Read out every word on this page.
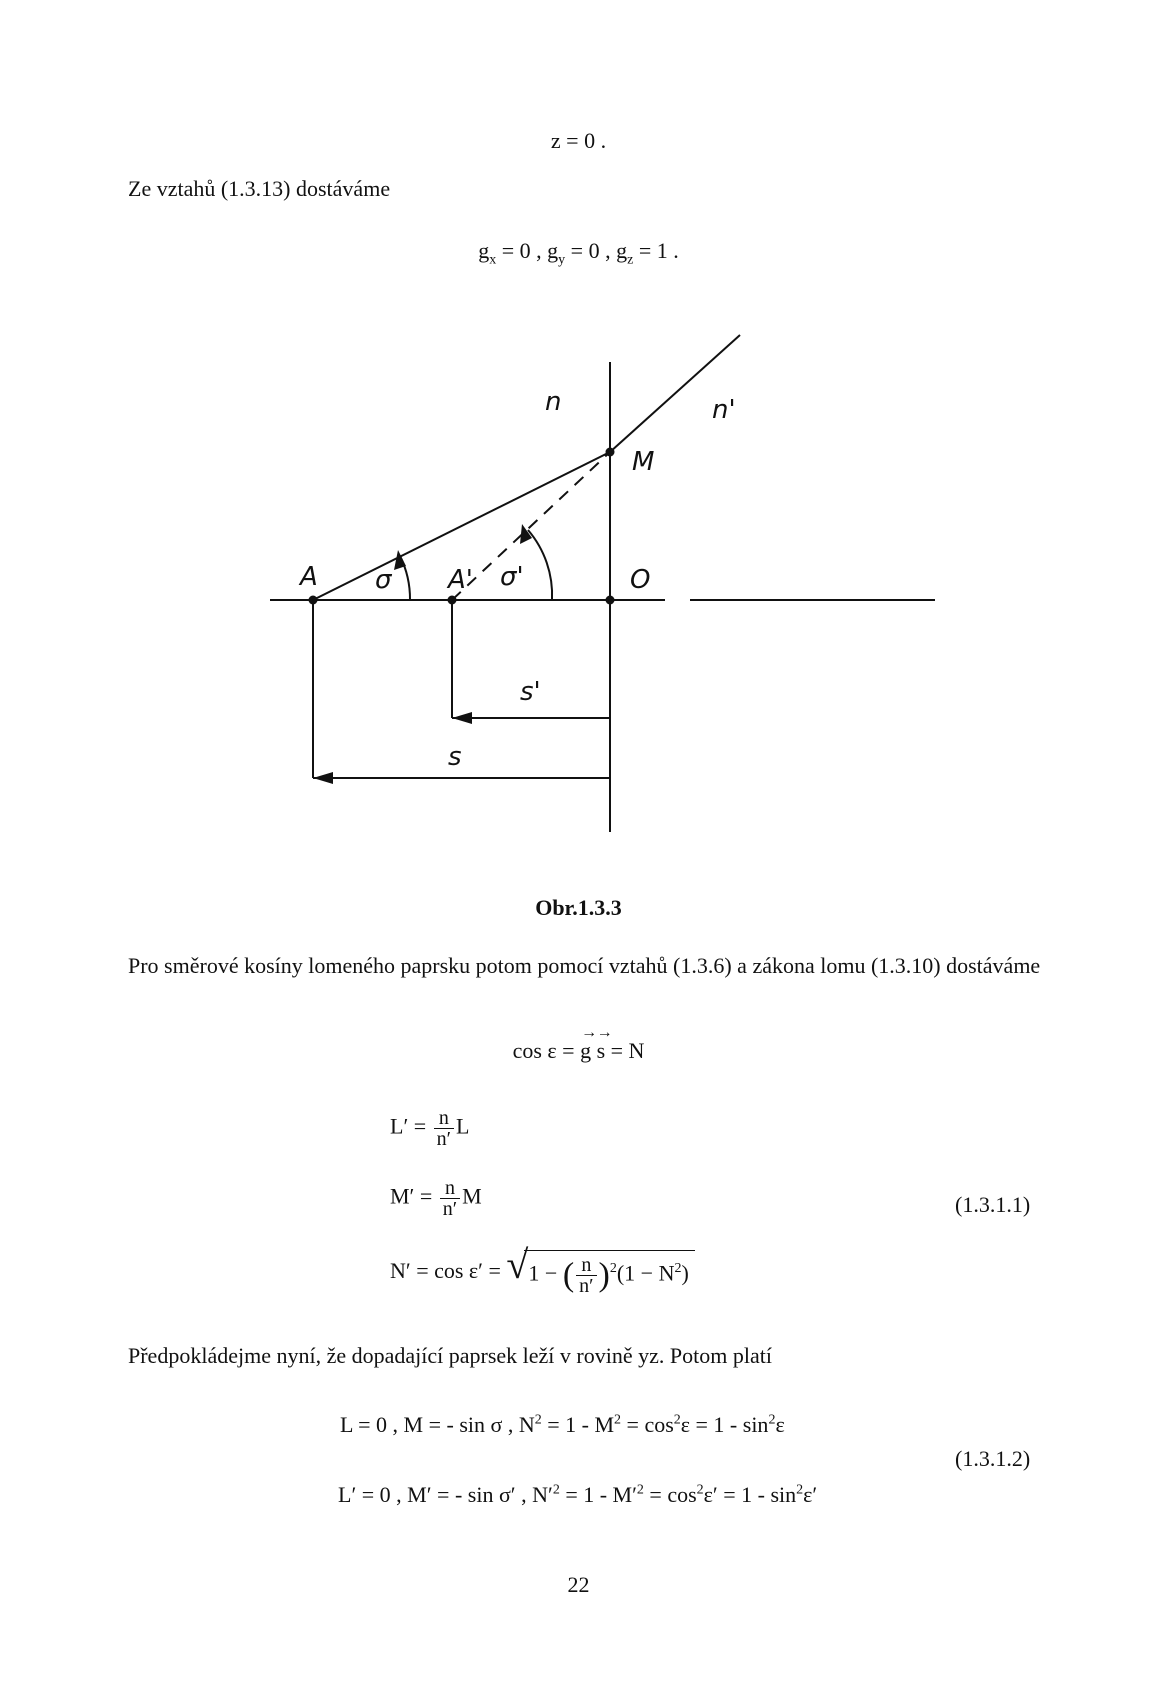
z = 0 .
Ze vztahů (1.3.13) dostáváme
$g_x = 0$ , $g_y = 0$ , $g_z = 1$ .
n	n'
M
A σ A' σ'	O
s'
s
Obr.1.3.3
Pro směrové kosíny lomeného paprsku potom pomocí vztahů (1.3.6) a zákona lomu (1.3.10) dostáváme
cos ε =
→
g
→
s = N
$L' = \frac{n}{n'}$ L
$M' = \frac{n}{n'}$ M	(1.3.1.1)
N′ = cos ε′ = √ 1 − ( $\frac{n}{n'} )^2(1 - N^2)$
Předpokládejme nyní, že dopadající paprsek leží v rovině yz. Potom platí
L = 0 , M = - sin σ , $N^2 = 1 - M^2 = \cos^2\varepsilon = 1 - \sin^2\varepsilon$
(1.3.1.2)
L′ = 0 , M′ = - sin σ′ , $N'^2 = 1 - M'^2 = \cos^2\varepsilon' = 1 - \sin^2\varepsilon'$
22
